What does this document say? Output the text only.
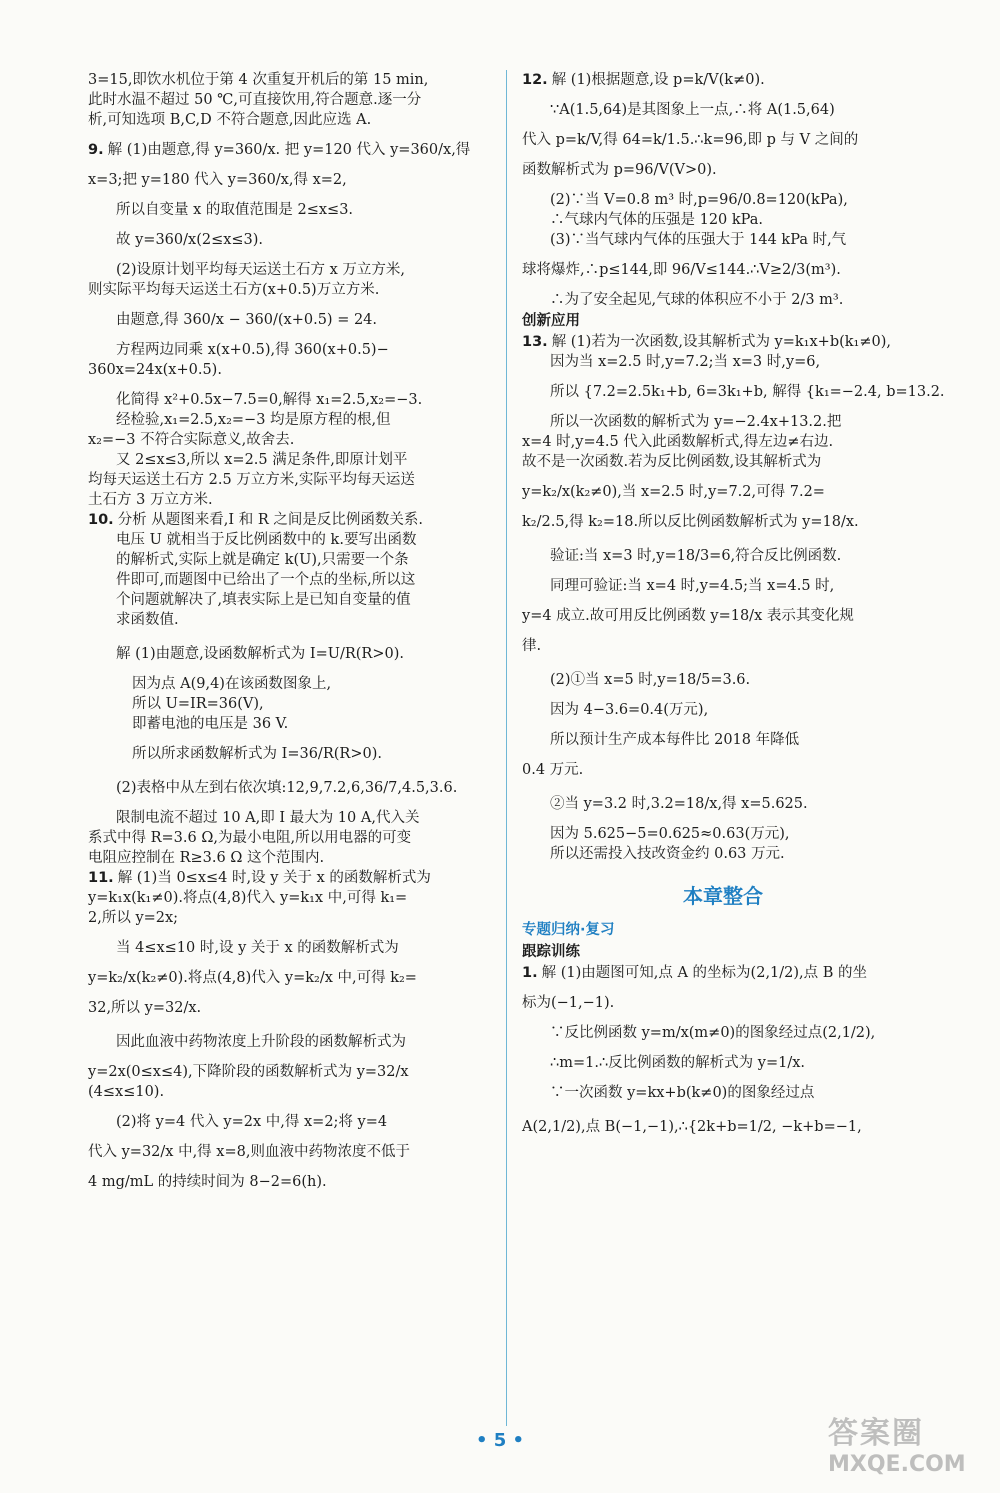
3=15,即饮水机位于第 4 次重复开机后的第 15 min,

此时水温不超过 50 ℃,可直接饮用,符合题意.逐一分

析,可知选项 B,C,D 不符合题意,因此应选 A.

9. 解 (1)由题意,得 y=360/x. 把 y=120 代入 y=360/x,得

x=3;把 y=180 代入 y=360/x,得 x=2,

所以自变量 x 的取值范围是 2≤x≤3.

故 y=360/x(2≤x≤3).

(2)设原计划平均每天运送土石方 x 万立方米,

则实际平均每天运送土石方(x+0.5)万立方米.

由题意,得 360/x − 360/(x+0.5) = 24.

方程两边同乘 x(x+0.5),得 360(x+0.5)−

360x=24x(x+0.5).

化简得 x²+0.5x−7.5=0,解得 x₁=2.5,x₂=−3.

经检验,x₁=2.5,x₂=−3 均是原方程的根,但

x₂=−3 不符合实际意义,故舍去.

又 2≤x≤3,所以 x=2.5 满足条件,即原计划平

均每天运送土石方 2.5 万立方米,实际平均每天运送

土石方 3 万立方米.

10. 分析 从题图来看,I 和 R 之间是反比例函数关系.

电压 U 就相当于反比例函数中的 k.要写出函数

的解析式,实际上就是确定 k(U),只需要一个条

件即可,而题图中已给出了一个点的坐标,所以这

个问题就解决了,填表实际上是已知自变量的值

求函数值.

解 (1)由题意,设函数解析式为 I=U/R(R>0).

因为点 A(9,4)在该函数图象上,

所以 U=IR=36(V),

即蓄电池的电压是 36 V.

所以所求函数解析式为 I=36/R(R>0).

(2)表格中从左到右依次填:12,9,7.2,6,36/7,4.5,3.6.

限制电流不超过 10 A,即 I 最大为 10 A,代入关

系式中得 R=3.6 Ω,为最小电阻,所以用电器的可变

电阻应控制在 R≥3.6 Ω 这个范围内.

11. 解 (1)当 0≤x≤4 时,设 y 关于 x 的函数解析式为

y=k₁x(k₁≠0).将点(4,8)代入 y=k₁x 中,可得 k₁=

2,所以 y=2x;

当 4≤x≤10 时,设 y 关于 x 的函数解析式为

y=k₂/x(k₂≠0).将点(4,8)代入 y=k₂/x 中,可得 k₂=

32,所以 y=32/x.

因此血液中药物浓度上升阶段的函数解析式为

y=2x(0≤x≤4),下降阶段的函数解析式为 y=32/x

(4≤x≤10).

(2)将 y=4 代入 y=2x 中,得 x=2;将 y=4

代入 y=32/x 中,得 x=8,则血液中药物浓度不低于

4 mg/mL 的持续时间为 8−2=6(h).

12. 解 (1)根据题意,设 p=k/V(k≠0).

∵A(1.5,64)是其图象上一点,∴将 A(1.5,64)

代入 p=k/V,得 64=k/1.5.∴k=96,即 p 与 V 之间的

函数解析式为 p=96/V(V>0).

(2)∵当 V=0.8 m³ 时,p=96/0.8=120(kPa),

∴气球内气体的压强是 120 kPa.

(3)∵当气球内气体的压强大于 144 kPa 时,气

球将爆炸,∴p≤144,即 96/V≤144.∴V≥2/3(m³).

∴为了安全起见,气球的体积应不小于 2/3 m³.

创新应用

13. 解 (1)若为一次函数,设其解析式为 y=k₁x+b(k₁≠0),

因为当 x=2.5 时,y=7.2;当 x=3 时,y=6,

所以 {7.2=2.5k₁+b, 6=3k₁+b, 解得 {k₁=−2.4, b=13.2.

所以一次函数的解析式为 y=−2.4x+13.2.把

x=4 时,y=4.5 代入此函数解析式,得左边≠右边.

故不是一次函数.若为反比例函数,设其解析式为

y=k₂/x(k₂≠0),当 x=2.5 时,y=7.2,可得 7.2=

k₂/2.5,得 k₂=18.所以反比例函数解析式为 y=18/x.

验证:当 x=3 时,y=18/3=6,符合反比例函数.

同理可验证:当 x=4 时,y=4.5;当 x=4.5 时,

y=4 成立.故可用反比例函数 y=18/x 表示其变化规

律.

(2)①当 x=5 时,y=18/5=3.6.

因为 4−3.6=0.4(万元),

所以预计生产成本每件比 2018 年降低

0.4 万元.

②当 y=3.2 时,3.2=18/x,得 x=5.625.

因为 5.625−5=0.625≈0.63(万元),

所以还需投入技改资金约 0.63 万元.

本章整合
专题归纳·复习
跟踪训练

1. 解 (1)由题图可知,点 A 的坐标为(2,1/2),点 B 的坐

标为(−1,−1).

∵反比例函数 y=m/x(m≠0)的图象经过点(2,1/2),

∴m=1.∴反比例函数的解析式为 y=1/x.

∵一次函数 y=kx+b(k≠0)的图象经过点

A(2,1/2),点 B(−1,−1),∴{2k+b=1/2, −k+b=−1,

• 5 •	答案圈
MXQE.COM
